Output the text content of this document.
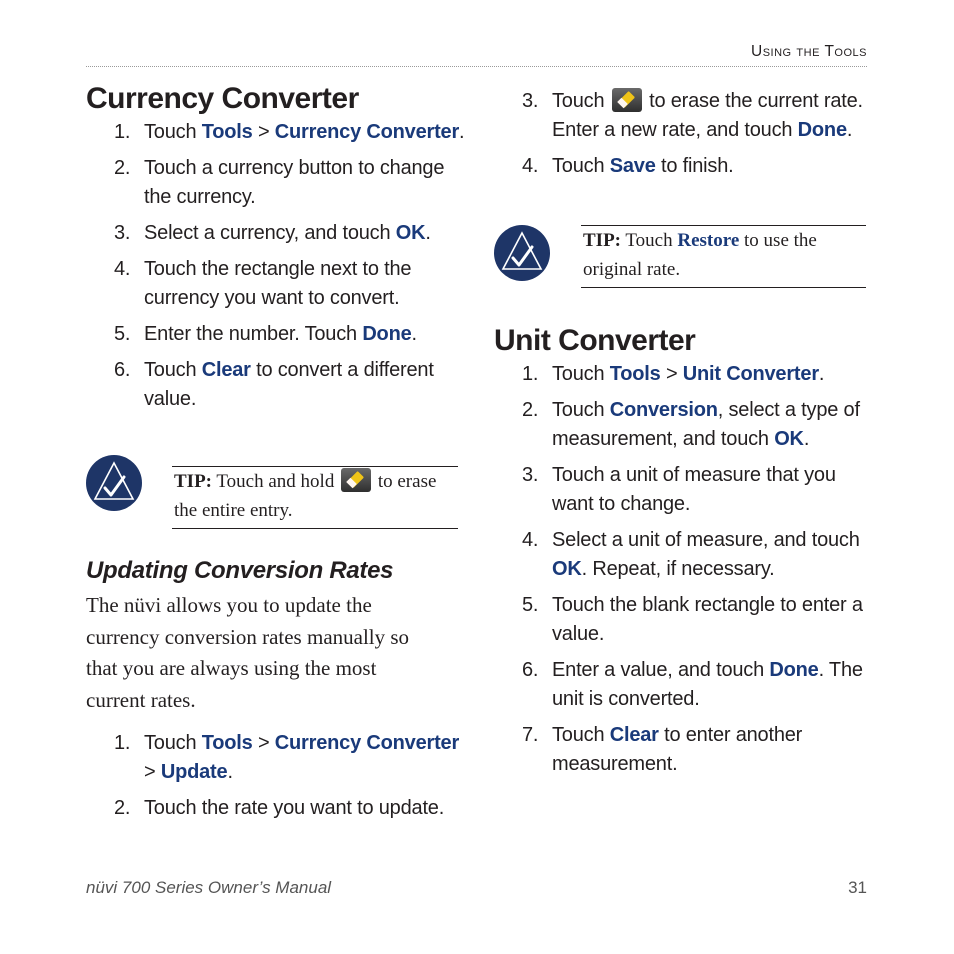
Using the Tools
Currency Converter
1. Touch Tools > Currency Converter.
2. Touch a currency button to change the currency.
3. Select a currency, and touch OK.
4. Touch the rectangle next to the currency you want to convert.
5. Enter the number. Touch Done.
6. Touch Clear to convert a different value.
TIP: Touch and hold  to erase the entire entry.
Updating Conversion Rates
The nüvi allows you to update the currency conversion rates manually so that you are always using the most current rates.
1. Touch Tools > Currency Converter > Update.
2. Touch the rate you want to update.
3. Touch  to erase the current rate. Enter a new rate, and touch Done.
4. Touch Save to finish.
TIP: Touch Restore to use the original rate.
Unit Converter
1. Touch Tools > Unit Converter.
2. Touch Conversion, select a type of measurement, and touch OK.
3. Touch a unit of measure that you want to change.
4. Select a unit of measure, and touch OK. Repeat, if necessary.
5. Touch the blank rectangle to enter a value.
6. Enter a value, and touch Done. The unit is converted.
7. Touch Clear to enter another measurement.
nüvi 700 Series Owner’s Manual	31
